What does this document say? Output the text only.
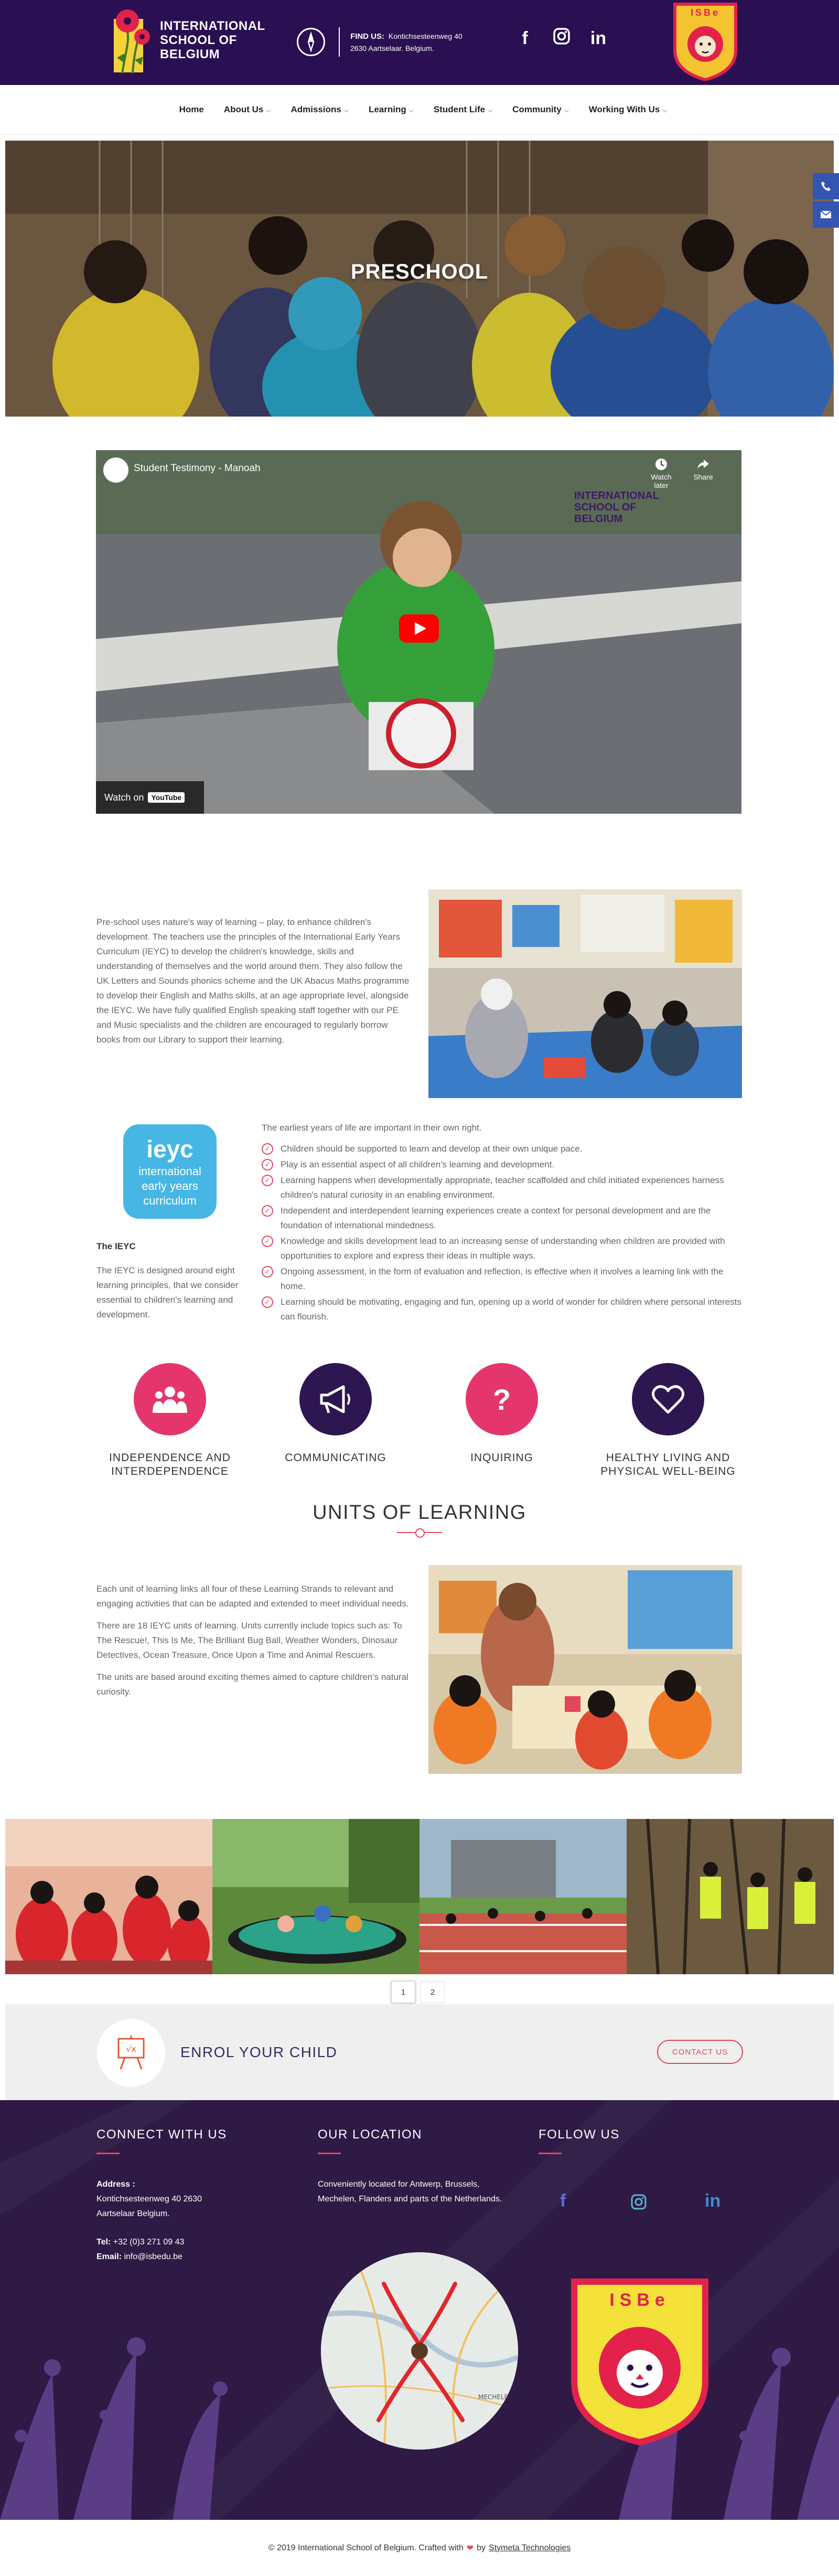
INTERNATIONAL
SCHOOL OF
BELGIUM
FIND US: Kontichsesteenweg 40
2630 Aartselaar. Belgium.	f	in
ISBe
Home About Us ⌵ Admissions ⌵ Learning ⌵ Student Life ⌵ Community ⌵ Working With Us ⌵
PRESCHOOL
Student Testimony - Manoah
Watch later
Share
INTERNATIONAL
SCHOOL OF
BELGIUM
Watch on	YouTube

Pre-school uses nature's way of learning – play, to enhance children's development. The teachers use the principles of the International Early Years Curriculum (IEYC) to develop the children's knowledge, skills and understanding of themselves and the world around them. They also follow the UK Letters and Sounds phonics scheme and the UK Abacus Maths programme to develop their English and Maths skills, at an age appropriate level, alongside the IEYC. We have fully qualified English speaking staff together with our PE and Music specialists and the children are encouraged to regularly borrow books from our Library to support their learning.

ieyc
international
early years
curriculum
The IEYC

The IEYC is designed around eight learning principles, that we consider essential to children's learning and development.

The earliest years of life are important in their own right.

✓	Children should be supported to learn and develop at their own unique pace.
✓	Play is an essential aspect of all children's learning and development.
✓	Learning happens when developmentally appropriate, teacher scaffolded and child initiated experiences harness children's natural curiosity in an enabling environment.
✓	Independent and interdependent learning experiences create a context for personal development and are the foundation of international mindedness.
✓	Knowledge and skills development lead to an increasing sense of understanding when children are provided with opportunities to explore and express their ideas in multiple ways.
✓	Ongoing assessment, in the form of evaluation and reflection, is effective when it involves a learning link with the home.
✓	Learning should be motivating, engaging and fun, opening up a world of wonder for children where personal interests can flourish.
INDEPENDENCE AND
INTERDEPENDENCE
COMMUNICATING
?
INQUIRING	HEALTHY LIVING AND
PHYSICAL WELL-BEING
UNITS OF LEARNING

Each unit of learning links all four of these Learning Strands to relevant and engaging activities that can be adapted and extended to meet individual needs.

There are 18 IEYC units of learning. Units currently include topics such as: To The Rescue!, This Is Me, The Brilliant Bug Ball, Weather Wonders, Dinosaur Detectives, Ocean Treasure, Once Upon a Time and Animal Rescuers.

The units are based around exciting themes aimed to capture children's natural curiosity.

1	2
√x	ENROL YOUR CHILD	CONTACT US
CONNECT WITH US
Address :
Kontichsesteenweg 40 2630 Aartselaar Belgium.
Tel: +32 (0)3 271 09 43
Email: info@isbedu.be
OUR LOCATION
Conveniently located for Antwerp, Brussels, Mechelen, Flanders and parts of the Netherlands.
FOLLOW US
f	in
MECHELEN
ISBe
© 2019 International School of Belgium. Crafted with ❤ by Stymeta Technologies
